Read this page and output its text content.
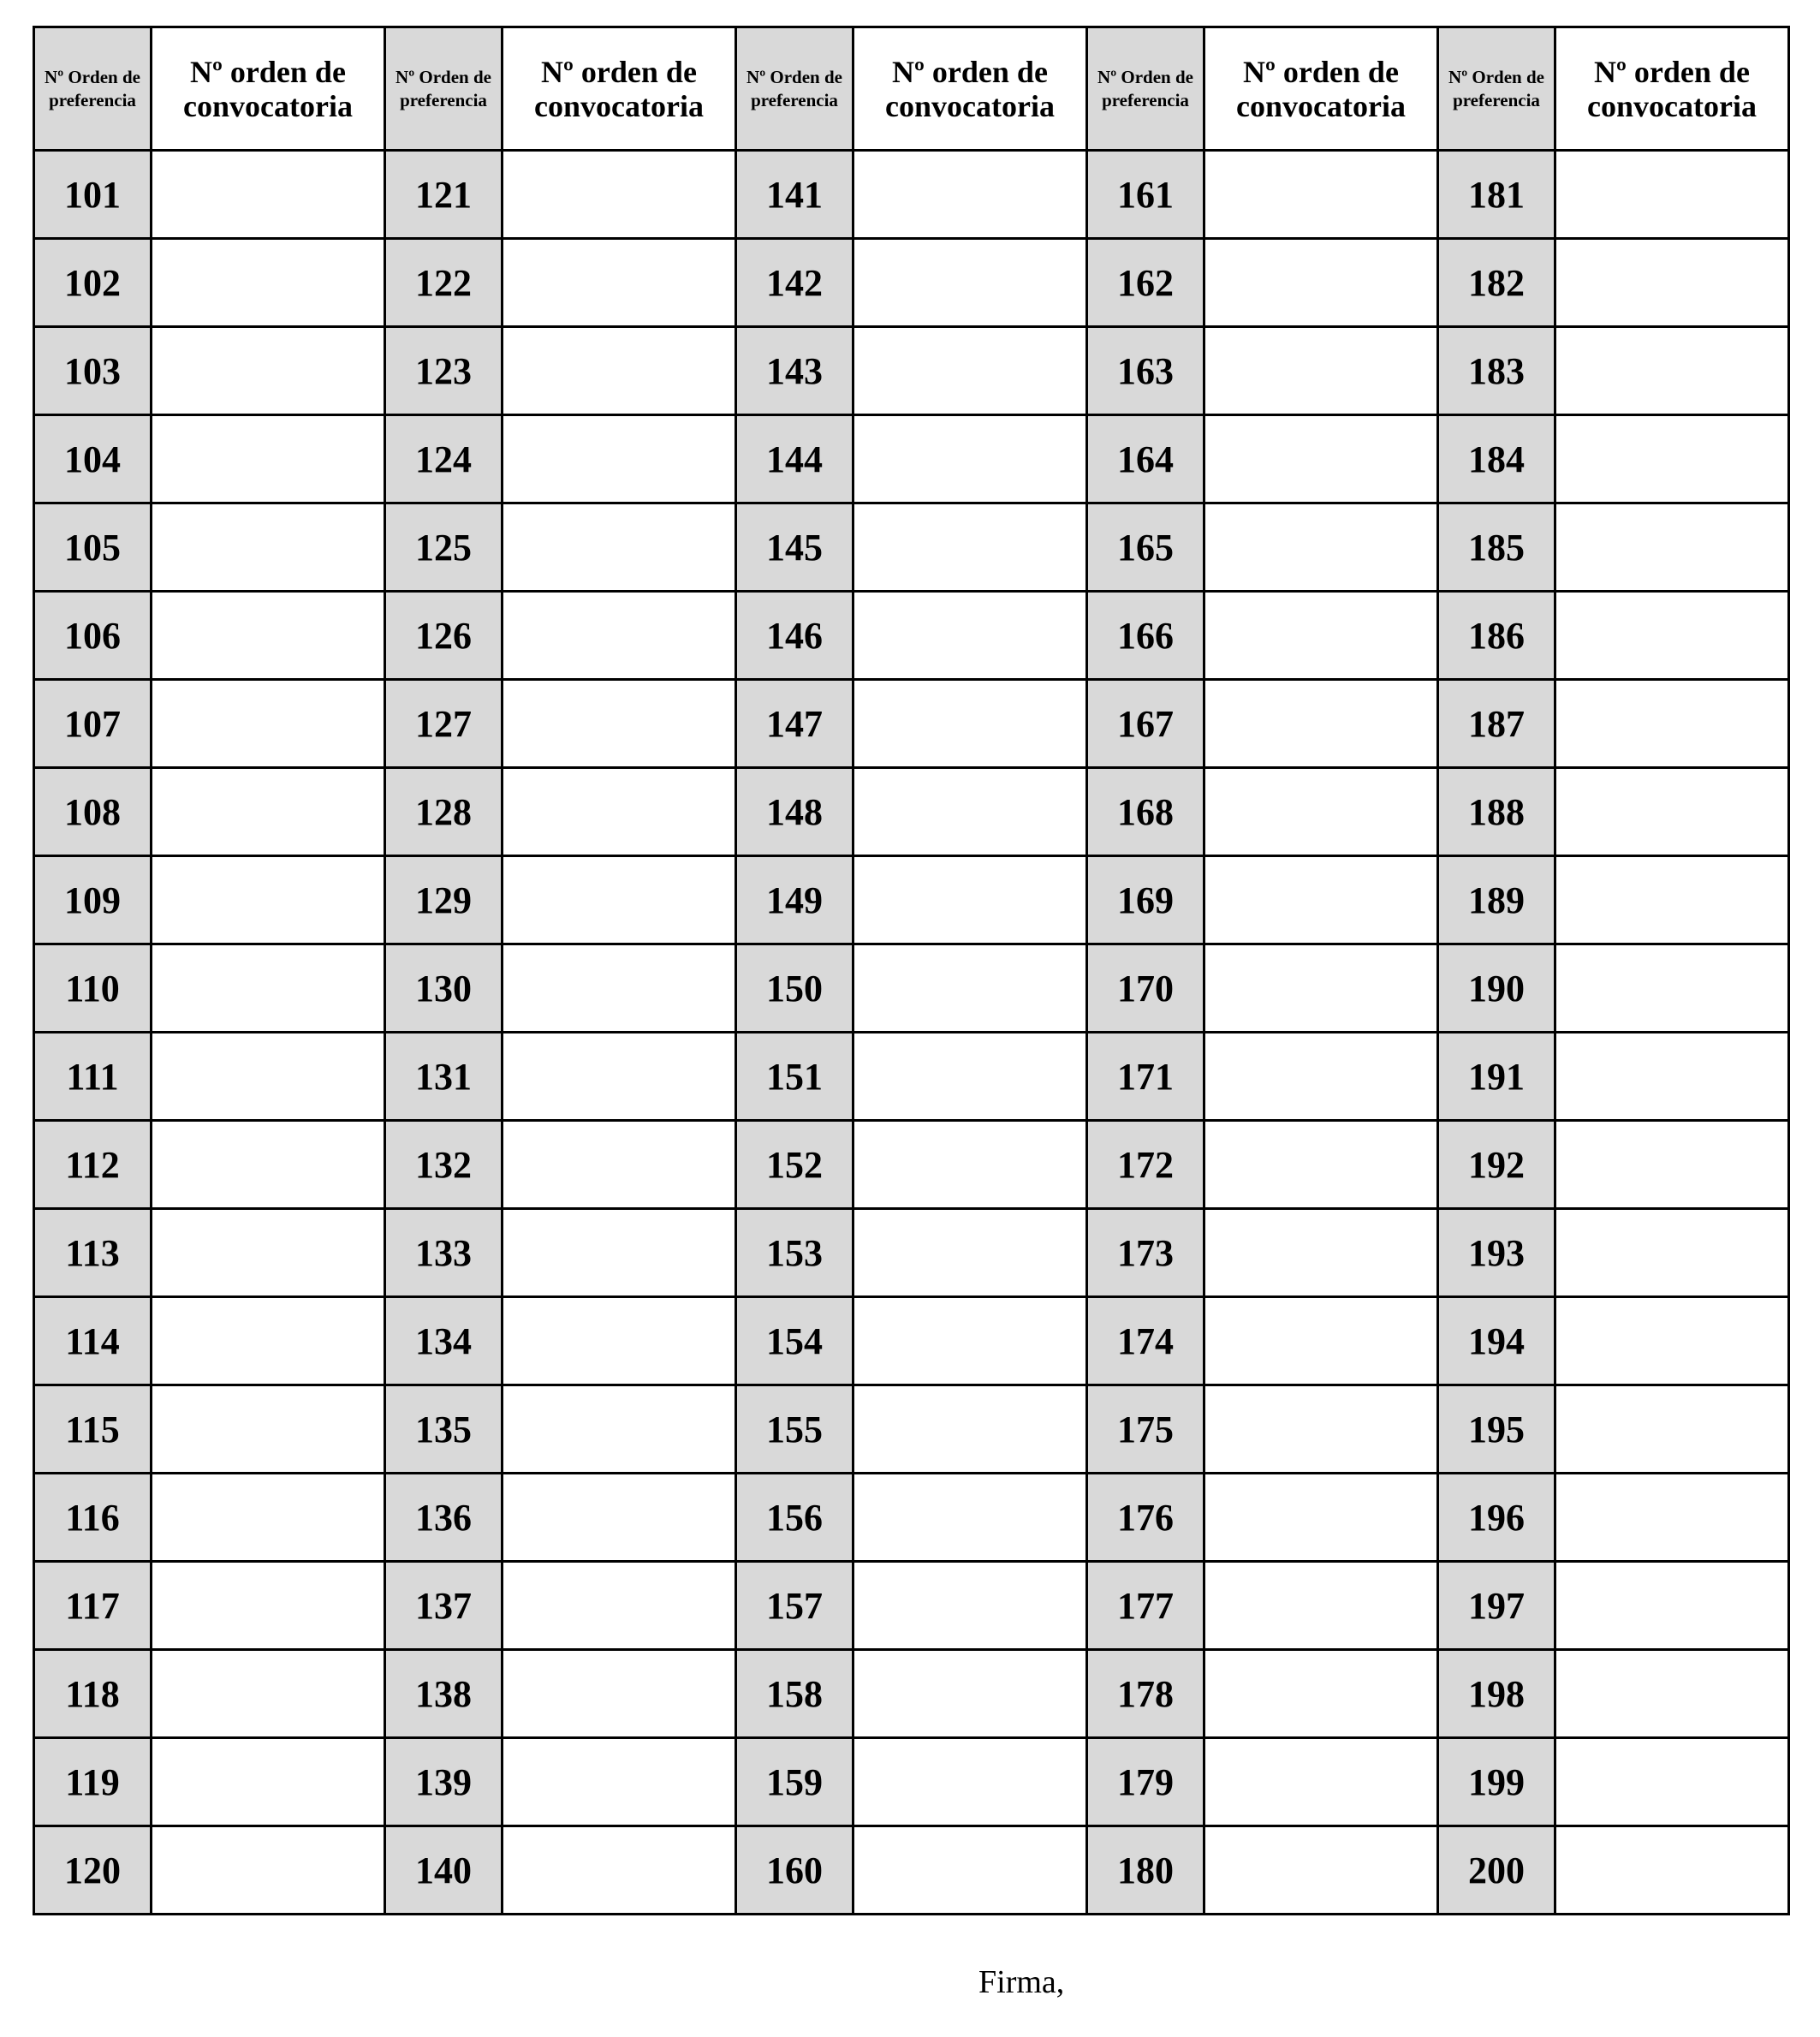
Nº Orden de preferencia	Nº orden de convocatoria	Nº Orden de preferencia	Nº orden de convocatoria	Nº Orden de preferencia	Nº orden de convocatoria	Nº Orden de preferencia	Nº orden de convocatoria	Nº Orden de preferencia	Nº orden de convocatoria
101		121		141		161		181	
102		122		142		162		182	
103		123		143		163		183	
104		124		144		164		184	
105		125		145		165		185	
106		126		146		166		186	
107		127		147		167		187	
108		128		148		168		188	
109		129		149		169		189	
110		130		150		170		190	
111		131		151		171		191	
112		132		152		172		192	
113		133		153		173		193	
114		134		154		174		194	
115		135		155		175		195	
116		136		156		176		196	
117		137		157		177		197	
118		138		158		178		198	
119		139		159		179		199	
120		140		160		180		200	
Firma,
